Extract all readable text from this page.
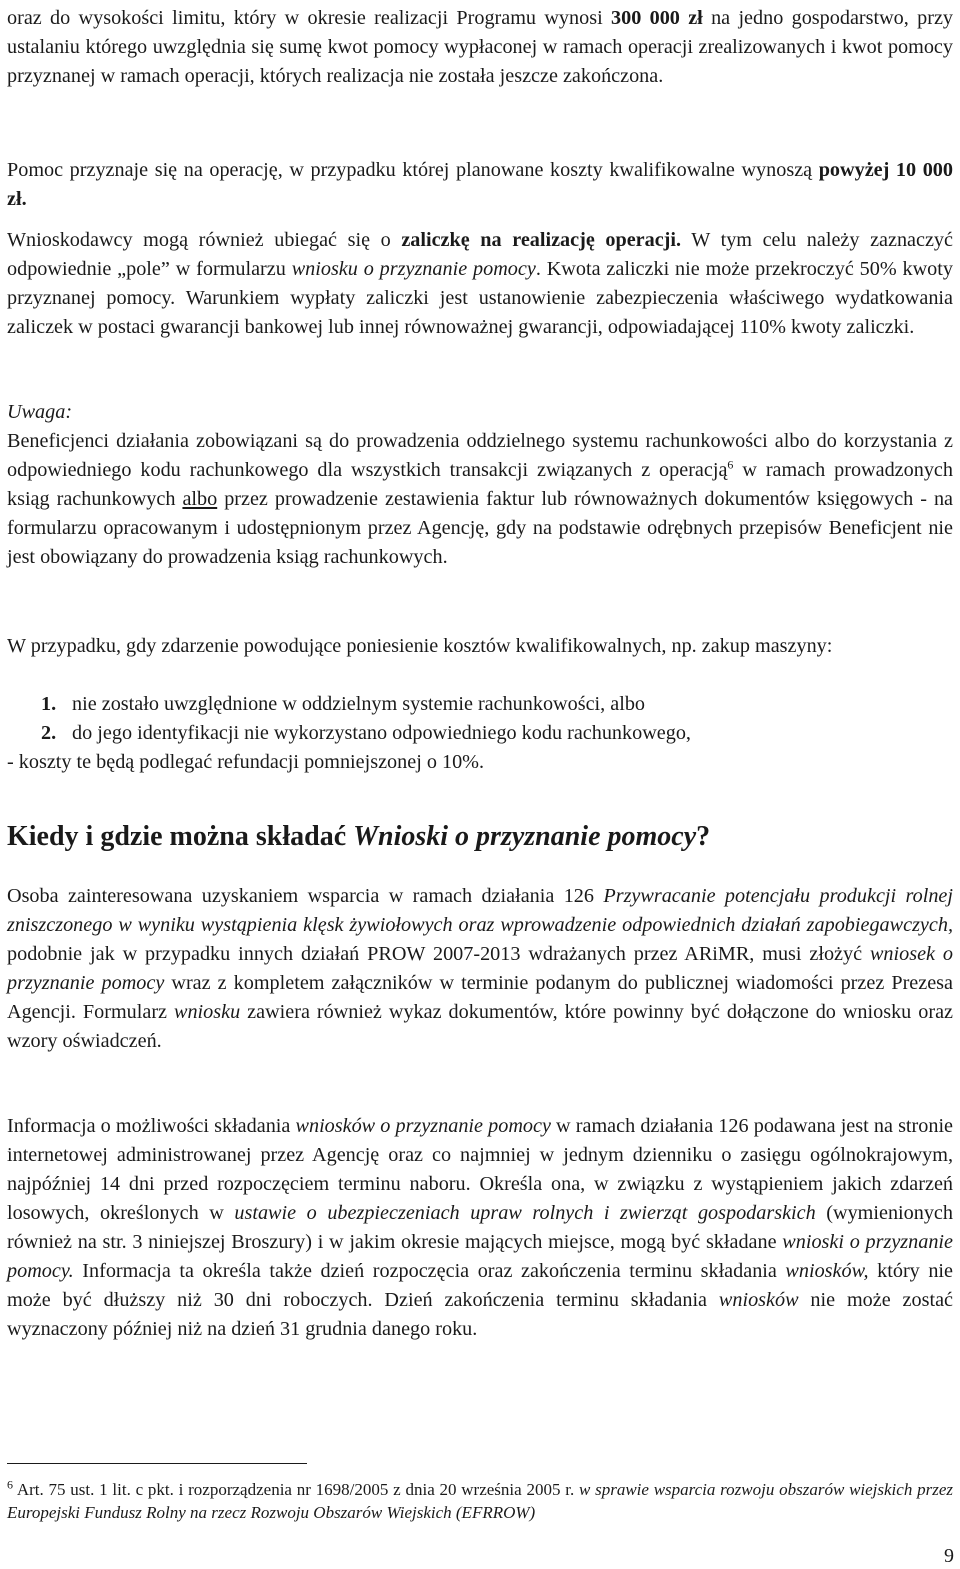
oraz do wysokości limitu, który w okresie realizacji Programu wynosi 300 000 zł na jedno gospodarstwo, przy ustalaniu którego uwzględnia się sumę kwot pomocy wypłaconej w ramach operacji zrealizowanych i kwot pomocy przyznanej w ramach operacji, których realizacja nie została jeszcze zakończona.

Pomoc przyznaje się na operację, w przypadku której planowane koszty kwalifikowalne wynoszą powyżej 10 000 zł.

Wnioskodawcy mogą również ubiegać się o zaliczkę na realizację operacji. W tym celu należy zaznaczyć odpowiednie „pole” w formularzu wniosku o przyznanie pomocy. Kwota zaliczki nie może przekroczyć 50% kwoty przyznanej pomocy. Warunkiem wypłaty zaliczki jest ustanowienie zabezpieczenia właściwego wydatkowania zaliczek w postaci gwarancji bankowej lub innej równoważnej gwarancji, odpowiadającej 110% kwoty zaliczki.

Uwaga:
Beneficjenci działania zobowiązani są do prowadzenia oddzielnego systemu rachunkowości albo do korzystania z odpowiedniego kodu rachunkowego dla wszystkich transakcji związanych z operacją$^6$ w ramach prowadzonych ksiąg rachunkowych albo przez prowadzenie zestawienia faktur lub równoważnych dokumentów księgowych - na formularzu opracowanym i udostępnionym przez Agencję, gdy na podstawie odrębnych przepisów Beneficjent nie jest obowiązany do prowadzenia ksiąg rachunkowych.

W przypadku, gdy zdarzenie powodujące poniesienie kosztów kwalifikowalnych, np. zakup maszyny:

1. nie zostało uwzględnione w oddzielnym systemie rachunkowości, albo
2. do jego identyfikacji nie wykorzystano odpowiedniego kodu rachunkowego,
- koszty te będą podlegać refundacji pomniejszonej o 10%.
Kiedy i gdzie można składać Wnioski o przyznanie pomocy?

Osoba zainteresowana uzyskaniem wsparcia w ramach działania 126 Przywracanie potencjału produkcji rolnej zniszczonego w wyniku wystąpienia klęsk żywiołowych oraz wprowadzenie odpowiednich działań zapobiegawczych, podobnie jak w przypadku innych działań PROW 2007-2013 wdrażanych przez ARiMR, musi złożyć wniosek o przyznanie pomocy wraz z kompletem załączników w terminie podanym do publicznej wiadomości przez Prezesa Agencji. Formularz wniosku zawiera również wykaz dokumentów, które powinny być dołączone do wniosku oraz wzory oświadczeń.

Informacja o możliwości składania wniosków o przyznanie pomocy w ramach działania 126 podawana jest na stronie internetowej administrowanej przez Agencję oraz co najmniej w jednym dzienniku o zasięgu ogólnokrajowym, najpóźniej 14 dni przed rozpoczęciem terminu naboru. Określa ona, w związku z wystąpieniem jakich zdarzeń losowych, określonych w ustawie o ubezpieczeniach upraw rolnych i zwierząt gospodarskich (wymienionych również na str. 3 niniejszej Broszury) i w jakim okresie mających miejsce, mogą być składane wnioski o przyznanie pomocy. Informacja ta określa także dzień rozpoczęcia oraz zakończenia terminu składania wniosków, który nie może być dłuższy niż 30 dni roboczych. Dzień zakończenia terminu składania wniosków nie może zostać wyznaczony później niż na dzień 31 grudnia danego roku.

$^6$ Art. 75 ust. 1 lit. c pkt. i rozporządzenia nr 1698/2005 z dnia 20 września 2005 r. w sprawie wsparcia rozwoju obszarów wiejskich przez Europejski Fundusz Rolny na rzecz Rozwoju Obszarów Wiejskich (EFRROW)
9
